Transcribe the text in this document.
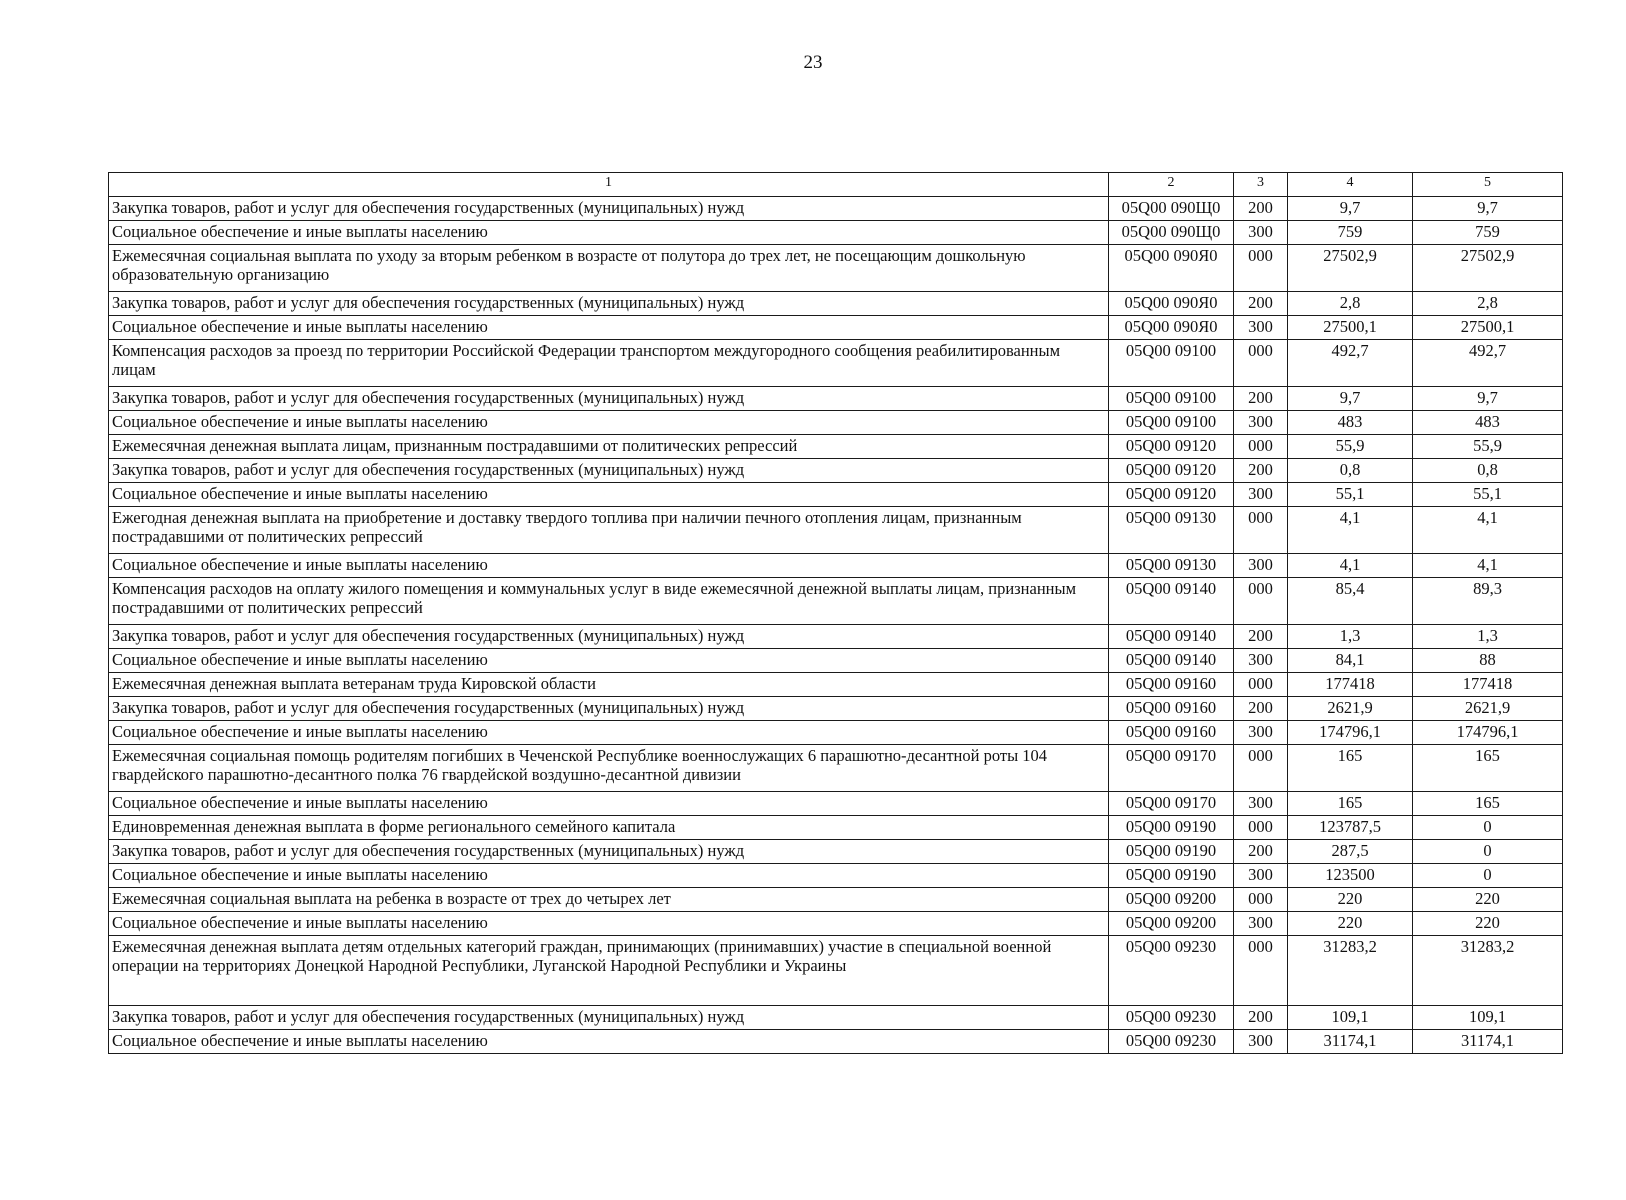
23
1	2	3	4	5
Закупка товаров, работ и услуг для обеспечения государственных (муниципальных) нужд	05Q00 090Щ0	200	9,7	9,7
Социальное обеспечение и иные выплаты населению	05Q00 090Щ0	300	759	759
Ежемесячная социальная выплата по уходу за вторым ребенком в возрасте от полутора до трех лет, не посещающим дошкольную образовательную организацию	05Q00 090Я0	000	27502,9	27502,9
Закупка товаров, работ и услуг для обеспечения государственных (муниципальных) нужд	05Q00 090Я0	200	2,8	2,8
Социальное обеспечение и иные выплаты населению	05Q00 090Я0	300	27500,1	27500,1
Компенсация расходов за проезд по территории Российской Федерации транспортом междугородного сообщения реабилитированным лицам	05Q00 09100	000	492,7	492,7
Закупка товаров, работ и услуг для обеспечения государственных (муниципальных) нужд	05Q00 09100	200	9,7	9,7
Социальное обеспечение и иные выплаты населению	05Q00 09100	300	483	483
Ежемесячная денежная выплата лицам, признанным пострадавшими от политических репрессий	05Q00 09120	000	55,9	55,9
Закупка товаров, работ и услуг для обеспечения государственных (муниципальных) нужд	05Q00 09120	200	0,8	0,8
Социальное обеспечение и иные выплаты населению	05Q00 09120	300	55,1	55,1
Ежегодная денежная выплата на приобретение и доставку твердого топлива при наличии печного отопления лицам, признанным пострадавшими от политических репрессий	05Q00 09130	000	4,1	4,1
Социальное обеспечение и иные выплаты населению	05Q00 09130	300	4,1	4,1
Компенсация расходов на оплату жилого помещения и коммунальных услуг в виде ежемесячной денежной выплаты лицам, признанным пострадавшими от политических репрессий	05Q00 09140	000	85,4	89,3
Закупка товаров, работ и услуг для обеспечения государственных (муниципальных) нужд	05Q00 09140	200	1,3	1,3
Социальное обеспечение и иные выплаты населению	05Q00 09140	300	84,1	88
Ежемесячная денежная выплата ветеранам труда Кировской области	05Q00 09160	000	177418	177418
Закупка товаров, работ и услуг для обеспечения государственных (муниципальных) нужд	05Q00 09160	200	2621,9	2621,9
Социальное обеспечение и иные выплаты населению	05Q00 09160	300	174796,1	174796,1
Ежемесячная социальная помощь родителям погибших в Чеченской Республике военнослужащих 6 парашютно-десантной роты 104 гвардейского парашютно-десантного полка 76 гвардейской воздушно-десантной дивизии	05Q00 09170	000	165	165
Социальное обеспечение и иные выплаты населению	05Q00 09170	300	165	165
Единовременная денежная выплата в форме регионального семейного капитала	05Q00 09190	000	123787,5	0
Закупка товаров, работ и услуг для обеспечения государственных (муниципальных) нужд	05Q00 09190	200	287,5	0
Социальное обеспечение и иные выплаты населению	05Q00 09190	300	123500	0
Ежемесячная социальная выплата на ребенка в возрасте от трех до четырех лет	05Q00 09200	000	220	220
Социальное обеспечение и иные выплаты населению	05Q00 09200	300	220	220
Ежемесячная денежная выплата детям отдельных категорий граждан, принимающих (принимавших) участие в специальной военной операции на территориях Донецкой Народной Республики, Луганской Народной Республики и Украины	05Q00 09230	000	31283,2	31283,2
Закупка товаров, работ и услуг для обеспечения государственных (муниципальных) нужд	05Q00 09230	200	109,1	109,1
Социальное обеспечение и иные выплаты населению	05Q00 09230	300	31174,1	31174,1
